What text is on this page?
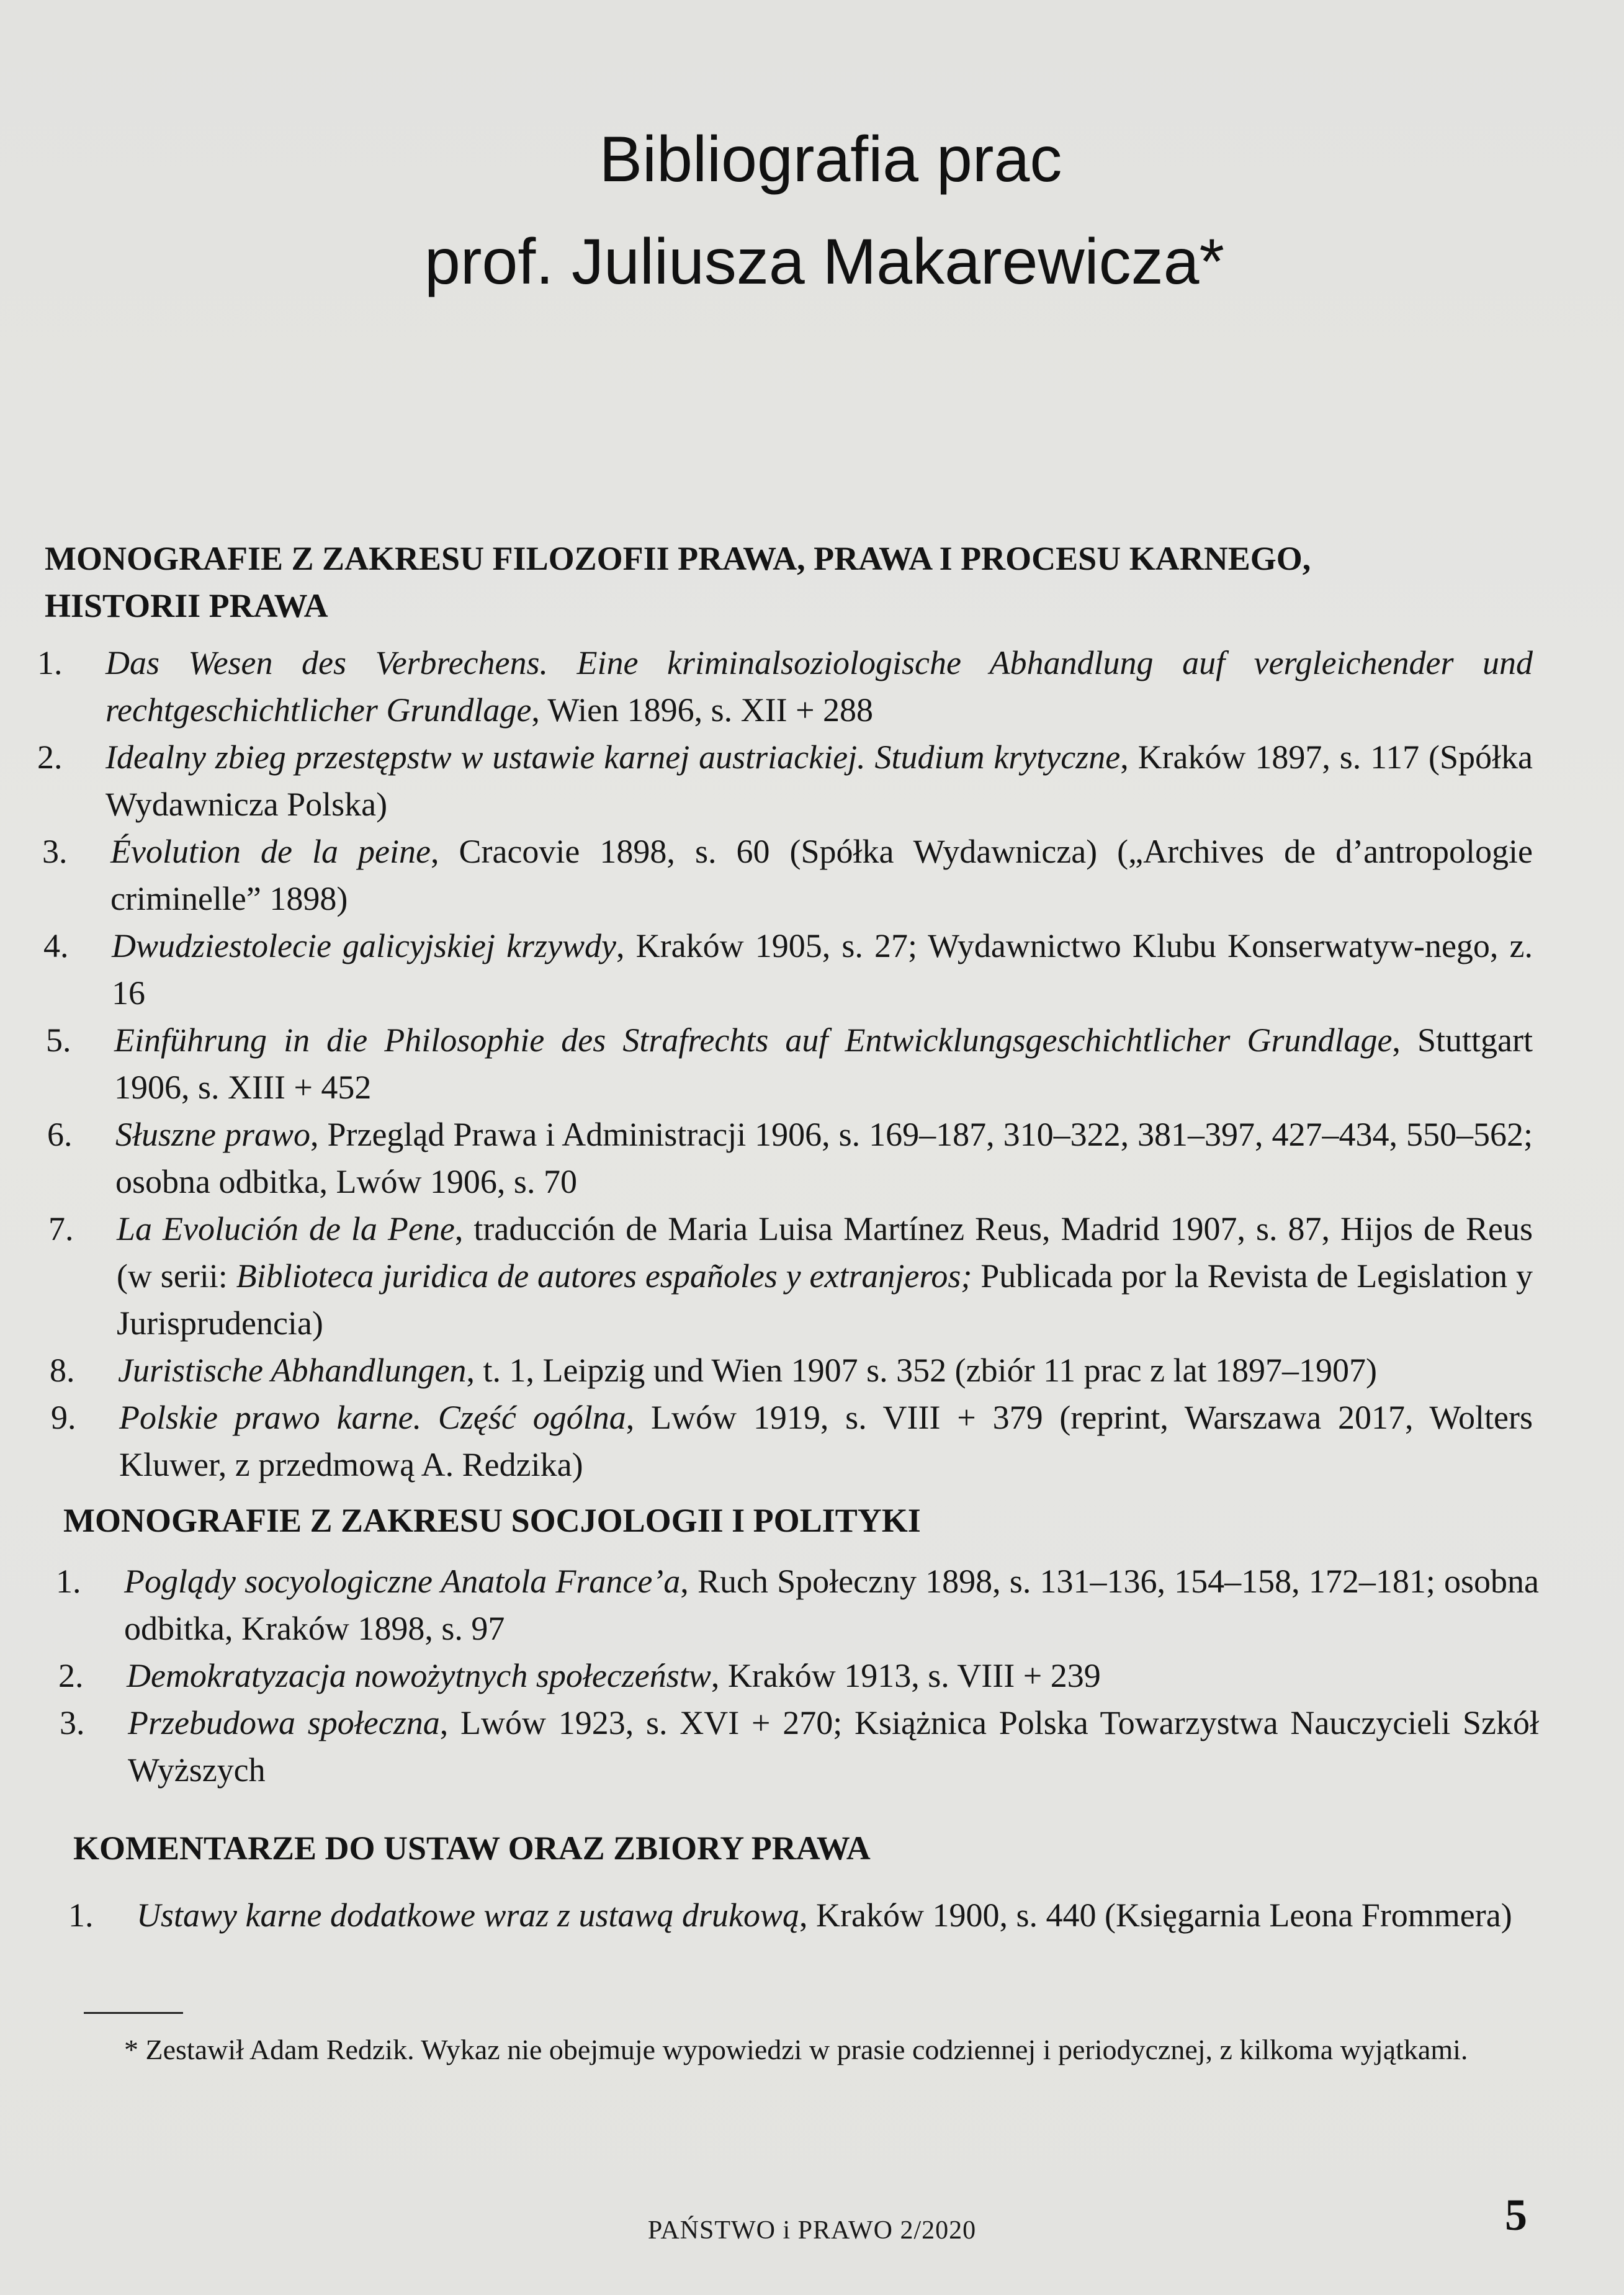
Bibliografia prac
prof. Juliusza Makarewicza*
MONOGRAFIE Z ZAKRESU FILOZOFII PRAWA, PRAWA I PROCESU KARNEGO,
HISTORII PRAWA
1.	Das Wesen des Verbrechens. Eine kriminalsoziologische Abhandlung auf vergleichender und rechtgeschichtlicher Grundlage, Wien 1896, s. XII + 288
2.	Idealny zbieg przestępstw w ustawie karnej austriackiej. Studium krytyczne, Kraków 1897, s. 117 (Spółka Wydawnicza Polska)
3.	Évolution de la peine, Cracovie 1898, s. 60 (Spółka Wydawnicza) („Archives de d’antropologie criminelle” 1898)
4.	Dwudziestolecie galicyjskiej krzywdy, Kraków 1905, s. 27; Wydawnictwo Klubu Konserwatyw-nego, z. 16
5.	Einführung in die Philosophie des Strafrechts auf Entwicklungsgeschichtlicher Grundlage, Stuttgart 1906, s. XIII + 452
6.	Słuszne prawo, Przegląd Prawa i Administracji 1906, s. 169–187, 310–322, 381–397, 427–434, 550–562; osobna odbitka, Lwów 1906, s. 70
7.	La Evolución de la Pene, traducción de Maria Luisa Martínez Reus, Madrid 1907, s. 87, Hijos de Reus (w serii: Biblioteca juridica de autores españoles y extranjeros; Publicada por la Revista de Legislation y Jurisprudencia)
8.	Juristische Abhandlungen, t. 1, Leipzig und Wien 1907 s. 352 (zbiór 11 prac z lat 1897–1907)
9.	Polskie prawo karne. Część ogólna, Lwów 1919, s. VIII + 379 (reprint, Warszawa 2017, Wolters Kluwer, z przedmową A. Redzika)
MONOGRAFIE Z ZAKRESU SOCJOLOGII I POLITYKI
1.	Poglądy socyologiczne Anatola France’a, Ruch Społeczny 1898, s. 131–136, 154–158, 172–181; osobna odbitka, Kraków 1898, s. 97
2.	Demokratyzacja nowożytnych społeczeństw, Kraków 1913, s. VIII + 239
3.	Przebudowa społeczna, Lwów 1923, s. XVI + 270; Książnica Polska Towarzystwa Nauczycieli Szkół Wyższych
KOMENTARZE DO USTAW ORAZ ZBIORY PRAWA
1.	Ustawy karne dodatkowe wraz z ustawą drukową, Kraków 1900, s. 440 (Księgarnia Leona Frommera)
* Zestawił Adam Redzik. Wykaz nie obejmuje wypowiedzi w prasie codziennej i periodycznej, z kilkoma wyjątkami.
PAŃSTWO i PRAWO 2/2020	5
